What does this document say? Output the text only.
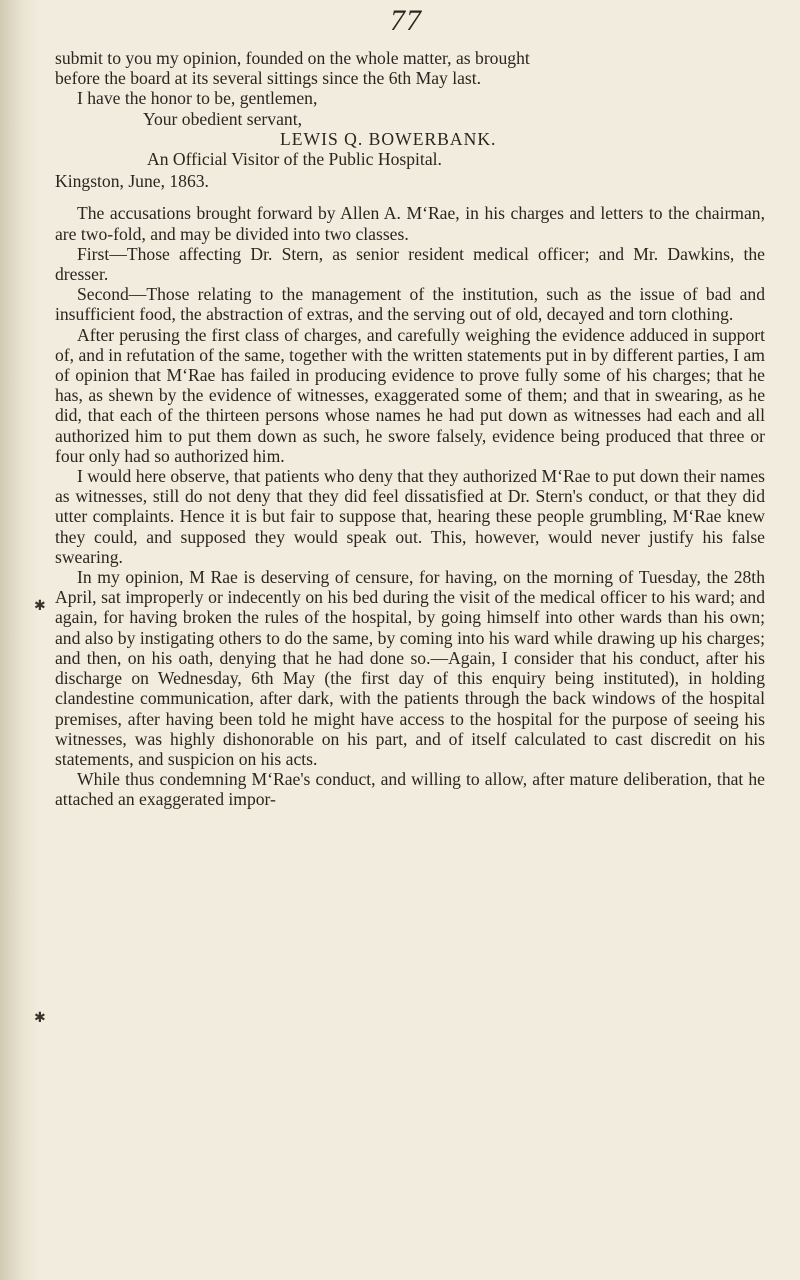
77

submit to you my opinion, founded on the whole matter, as brought

before the board at its several sittings since the 6th May last.

I have the honor to be, gentlemen,

Your obedient servant,

LEWIS Q. BOWERBANK.

An Official Visitor of the Public Hospital.

Kingston, June, 1863.

The accusations brought forward by Allen A. M‘Rae, in his charges and letters to the chairman, are two-fold, and may be divided into two classes.

First—Those affecting Dr. Stern, as senior resident medical officer; and Mr. Dawkins, the dresser.

Second—Those relating to the management of the institution, such as the issue of bad and insufficient food, the abstraction of extras, and the serving out of old, decayed and torn clothing.

After perusing the first class of charges, and carefully weighing the evidence adduced in support of, and in refutation of the same, together with the written statements put in by different parties, I am of opinion that M‘Rae has failed in producing evidence to prove fully some of his charges; that he has, as shewn by the evidence of witnesses, exaggerated some of them; and that in swearing, as he did, that each of the thirteen persons whose names he had put down as witnesses had each and all authorized him to put them down as such, he swore falsely, evidence being produced that three or four only had so authorized him.

I would here observe, that patients who deny that they authorized M‘Rae to put down their names as witnesses, still do not deny that they did feel dissatisfied at Dr. Stern's conduct, or that they did utter complaints. Hence it is but fair to suppose that, hearing these people grumbling, M‘Rae knew they could, and supposed they would speak out. This, however, would never justify his false swearing.

In my opinion, M Rae is deserving of censure, for having, on the morning of Tuesday, the 28th April, sat improperly or indecently on his bed during the visit of the medical officer to his ward; and again, for having broken the rules of the hospital, by going himself into other wards than his own; and also by instigating others to do the same, by coming into his ward while drawing up his charges; and then, on his oath, denying that he had done so.—Again, I consider that his conduct, after his discharge on Wednesday, 6th May (the first day of this enquiry being instituted), in holding clandestine communication, after dark, with the patients through the back windows of the hospital premises, after having been told he might have access to the hospital for the purpose of seeing his witnesses, was highly dishonorable on his part, and of itself calculated to cast discredit on his statements, and suspicion on his acts.

While thus condemning M‘Rae's conduct, and willing to allow, after mature deliberation, that he attached an exaggerated impor-

✱
✱
